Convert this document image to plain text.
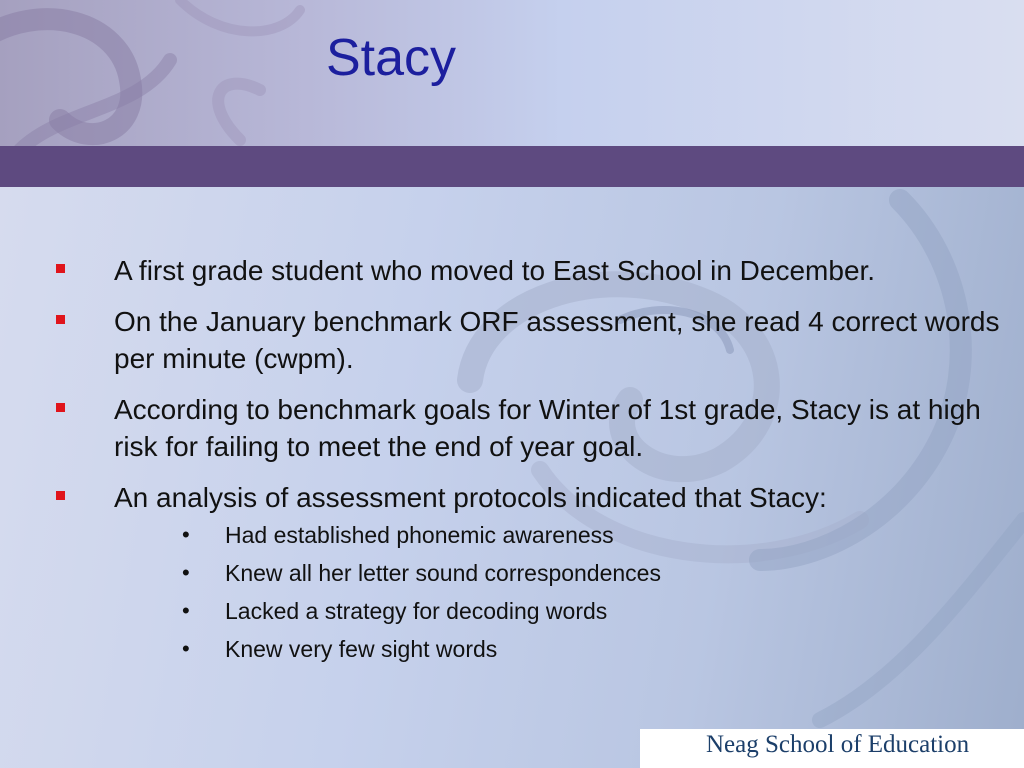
Stacy
A first grade student who moved to East School in December.
On the January benchmark ORF assessment, she read 4 correct words per minute (cwpm).
According to benchmark goals for Winter of 1st grade, Stacy is at high risk for failing to meet the end of year goal.
An analysis of assessment protocols indicated that Stacy:
• Had established phonemic awareness
• Knew all her letter sound correspondences
• Lacked a strategy for decoding words
• Knew very few sight words
Neag School of Education
